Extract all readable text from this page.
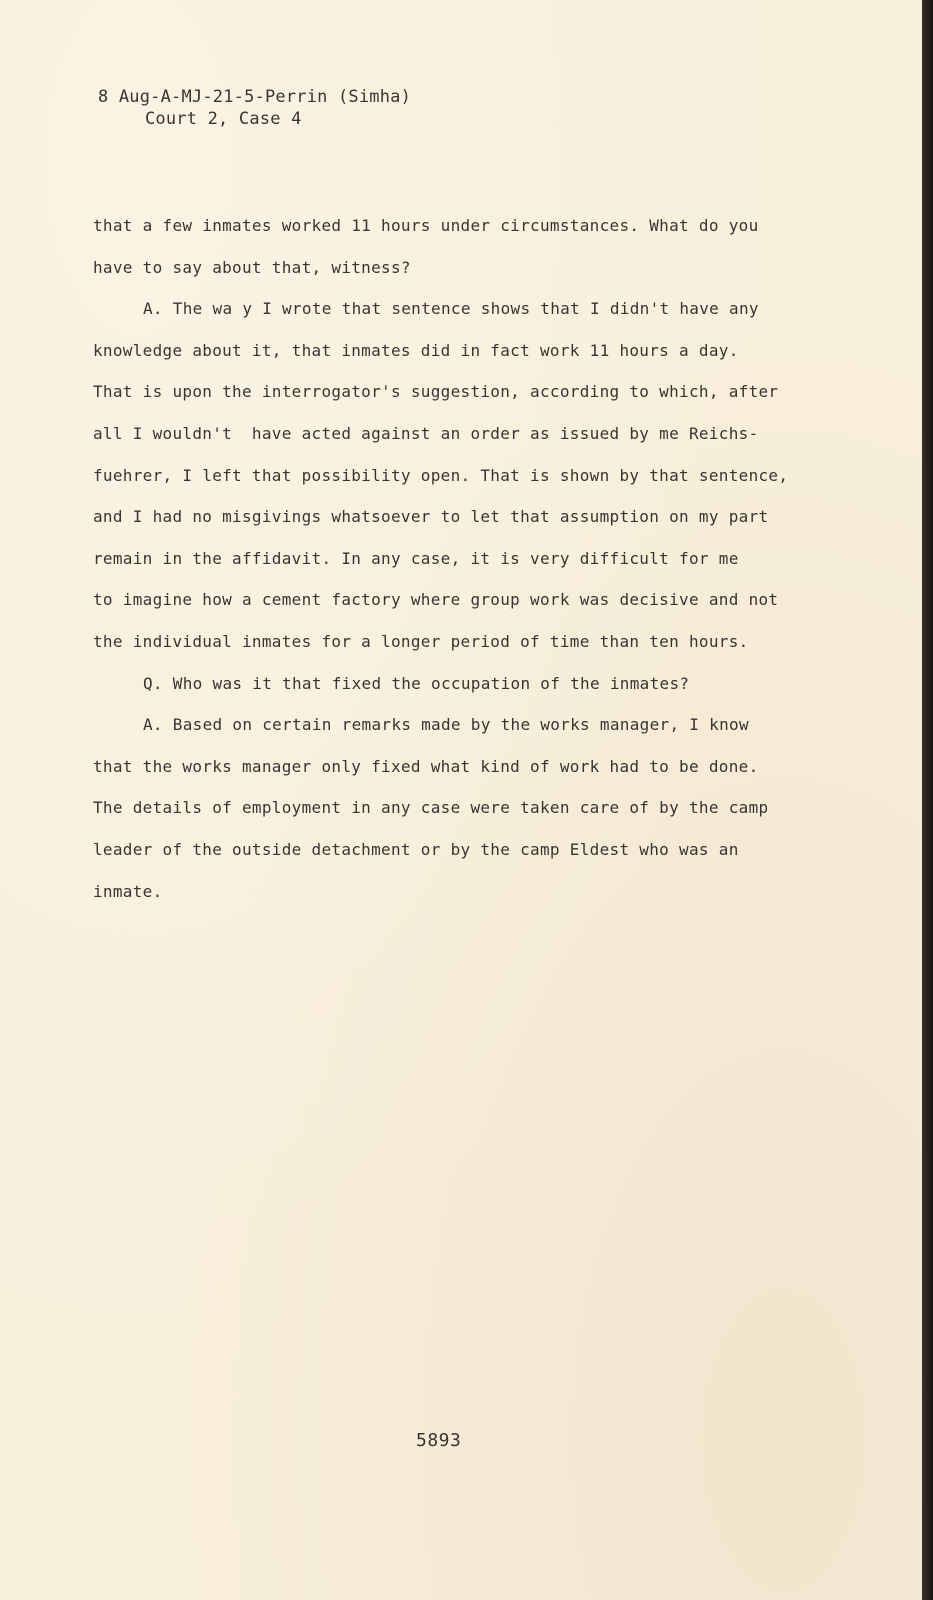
8 Aug-A-MJ-21-5-Perrin (Simha)
Court 2, Case 4

that a few inmates worked 11 hours under circumstances. What do you

have to say about that, witness?

A. The wa y I wrote that sentence shows that I didn't have any

knowledge about it, that inmates did in fact work 11 hours a day.

That is upon the interrogator's suggestion, according to which, after

all I wouldn't  have acted against an order as issued by me Reichs-

fuehrer, I left that possibility open. That is shown by that sentence,

and I had no misgivings whatsoever to let that assumption on my part

remain in the affidavit. In any case, it is very difficult for me

to imagine how a cement factory where group work was decisive and not

the individual inmates for a longer period of time than ten hours.

Q. Who was it that fixed the occupation of the inmates?

A. Based on certain remarks made by the works manager, I know

that the works manager only fixed what kind of work had to be done.

The details of employment in any case were taken care of by the camp

leader of the outside detachment or by the camp Eldest who was an

inmate.

5893
